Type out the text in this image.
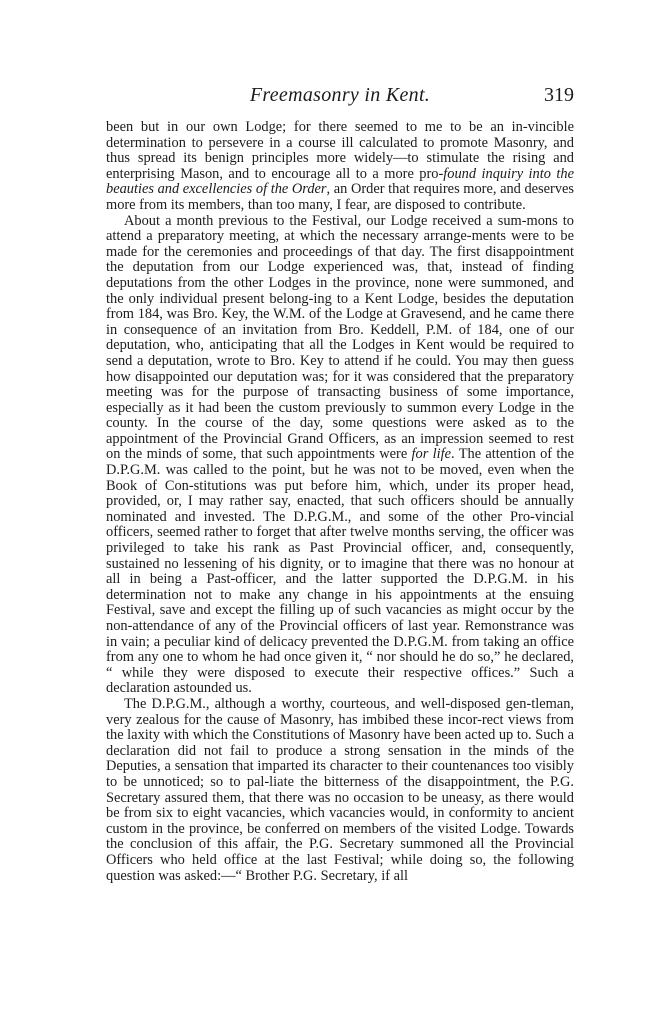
Freemasonry in Kent.	319

been but in our own Lodge; for there seemed to me to be an in-vincible determination to persevere in a course ill calculated to promote Masonry, and thus spread its benign principles more widely—to stimulate the rising and enterprising Mason, and to encourage all to a more pro-found inquiry into the beauties and excellencies of the Order, an Order that requires more, and deserves more from its members, than too many, I fear, are disposed to contribute.

About a month previous to the Festival, our Lodge received a sum-mons to attend a preparatory meeting, at which the necessary arrange-ments were to be made for the ceremonies and proceedings of that day. The first disappointment the deputation from our Lodge experienced was, that, instead of finding deputations from the other Lodges in the province, none were summoned, and the only individual present belong-ing to a Kent Lodge, besides the deputation from 184, was Bro. Key, the W.M. of the Lodge at Gravesend, and he came there in consequence of an invitation from Bro. Keddell, P.M. of 184, one of our deputation, who, anticipating that all the Lodges in Kent would be required to send a deputation, wrote to Bro. Key to attend if he could. You may then guess how disappointed our deputation was; for it was considered that the preparatory meeting was for the purpose of transacting business of some importance, especially as it had been the custom previously to summon every Lodge in the county. In the course of the day, some questions were asked as to the appointment of the Provincial Grand Officers, as an impression seemed to rest on the minds of some, that such appointments were for life. The attention of the D.P.G.M. was called to the point, but he was not to be moved, even when the Book of Con-stitutions was put before him, which, under its proper head, provided, or, I may rather say, enacted, that such officers should be annually nominated and invested. The D.P.G.M., and some of the other Pro-vincial officers, seemed rather to forget that after twelve months serving, the officer was privileged to take his rank as Past Provincial officer, and, consequently, sustained no lessening of his dignity, or to imagine that there was no honour at all in being a Past-officer, and the latter supported the D.P.G.M. in his determination not to make any change in his appointments at the ensuing Festival, save and except the filling up of such vacancies as might occur by the non-attendance of any of the Provincial officers of last year. Remonstrance was in vain; a peculiar kind of delicacy prevented the D.P.G.M. from taking an office from any one to whom he had once given it, “ nor should he do so,” he declared, “ while they were disposed to execute their respective offices.” Such a declaration astounded us.

The D.P.G.M., although a worthy, courteous, and well-disposed gen-tleman, very zealous for the cause of Masonry, has imbibed these incor-rect views from the laxity with which the Constitutions of Masonry have been acted up to. Such a declaration did not fail to produce a strong sensation in the minds of the Deputies, a sensation that imparted its character to their countenances too visibly to be unnoticed; so to pal-liate the bitterness of the disappointment, the P.G. Secretary assured them, that there was no occasion to be uneasy, as there would be from six to eight vacancies, which vacancies would, in conformity to ancient custom in the province, be conferred on members of the visited Lodge. Towards the conclusion of this affair, the P.G. Secretary summoned all the Provincial Officers who held office at the last Festival; while doing so, the following question was asked:—“ Brother P.G. Secretary, if all
